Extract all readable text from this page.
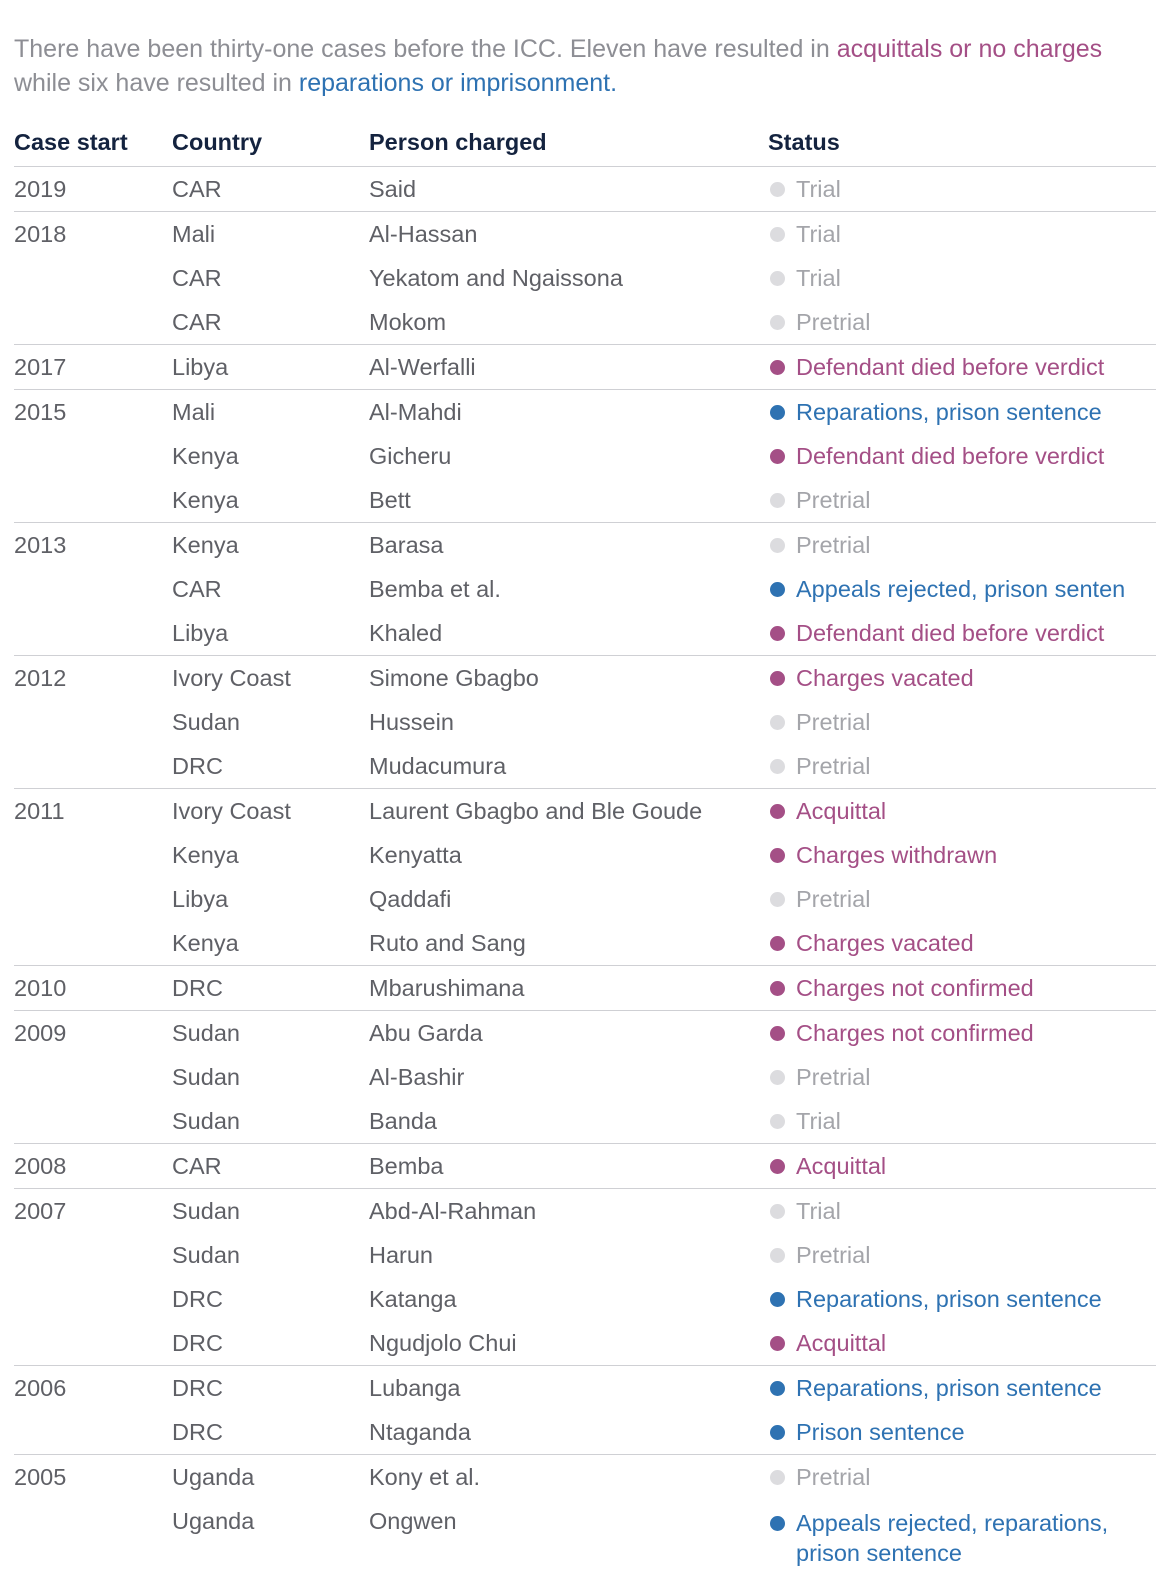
There have been thirty-one cases before the ICC. Eleven have resulted in acquittals or no charges
while six have resulted in reparations or imprisonment.

Case start	Country	Person charged	Status
2019	CAR	Said	Trial

2018	Mali	Al-Hassan	Trial

	CAR	Yekatom and Ngaissona	Trial

	CAR	Mokom	Pretrial

2017	Libya	Al-Werfalli	Defendant died before verdict

2015	Mali	Al-Mahdi	Reparations, prison sentence

	Kenya	Gicheru	Defendant died before verdict

	Kenya	Bett	Pretrial

2013	Kenya	Barasa	Pretrial

	CAR	Bemba et al.	Appeals rejected, prison senten

	Libya	Khaled	Defendant died before verdict

2012	Ivory Coast	Simone Gbagbo	Charges vacated

	Sudan	Hussein	Pretrial

	DRC	Mudacumura	Pretrial

2011	Ivory Coast	Laurent Gbagbo and Ble Goude	Acquittal

	Kenya	Kenyatta	Charges withdrawn

	Libya	Qaddafi	Pretrial

	Kenya	Ruto and Sang	Charges vacated

2010	DRC	Mbarushimana	Charges not confirmed

2009	Sudan	Abu Garda	Charges not confirmed

	Sudan	Al-Bashir	Pretrial

	Sudan	Banda	Trial

2008	CAR	Bemba	Acquittal

2007	Sudan	Abd-Al-Rahman	Trial

	Sudan	Harun	Pretrial

	DRC	Katanga	Reparations, prison sentence

	DRC	Ngudjolo Chui	Acquittal

2006	DRC	Lubanga	Reparations, prison sentence

	DRC	Ntaganda	Prison sentence

2005	Uganda	Kony et al.	Pretrial

	Uganda	Ongwen	Appeals rejected, reparations,
prison sentence
